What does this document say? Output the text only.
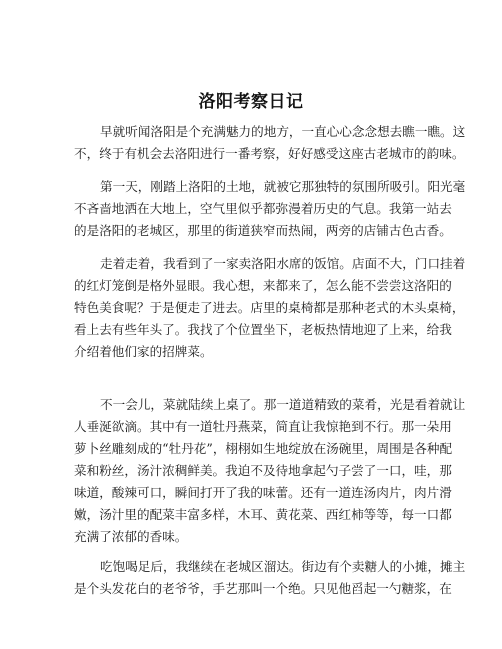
洛阳考察日记
早就听闻洛阳是个充满魅力的地方，一直心心念念想去瞧一瞧。这
不，终于有机会去洛阳进行一番考察，好好感受这座古老城市的韵味。
第一天，刚踏上洛阳的土地，就被它那独特的氛围所吸引。阳光毫
不吝啬地洒在大地上，空气里似乎都弥漫着历史的气息。我第一站去
的是洛阳的老城区，那里的街道狭窄而热闹，两旁的店铺古色古香。
走着走着，我看到了一家卖洛阳水席的饭馆。店面不大，门口挂着
的红灯笼倒是格外显眼。我心想，来都来了，怎么能不尝尝这洛阳的
特色美食呢？于是便走了进去。店里的桌椅都是那种老式的木头桌椅，
看上去有些年头了。我找了个位置坐下，老板热情地迎了上来，给我
介绍着他们家的招牌菜。
不一会儿，菜就陆续上桌了。那一道道精致的菜肴，光是看着就让
人垂涎欲滴。其中有一道牡丹燕菜，简直让我惊艳到不行。那一朵用
萝卜丝雕刻成的“牡丹花”，栩栩如生地绽放在汤碗里，周围是各种配
菜和粉丝，汤汁浓稠鲜美。我迫不及待地拿起勺子尝了一口，哇，那
味道，酸辣可口，瞬间打开了我的味蕾。还有一道连汤肉片，肉片滑
嫩，汤汁里的配菜丰富多样，木耳、黄花菜、西红柿等等，每一口都
充满了浓郁的香味。
吃饱喝足后，我继续在老城区溜达。街边有个卖糖人的小摊，摊主
是个头发花白的老爷爷，手艺那叫一个绝。只见他舀起一勺糖浆，在
